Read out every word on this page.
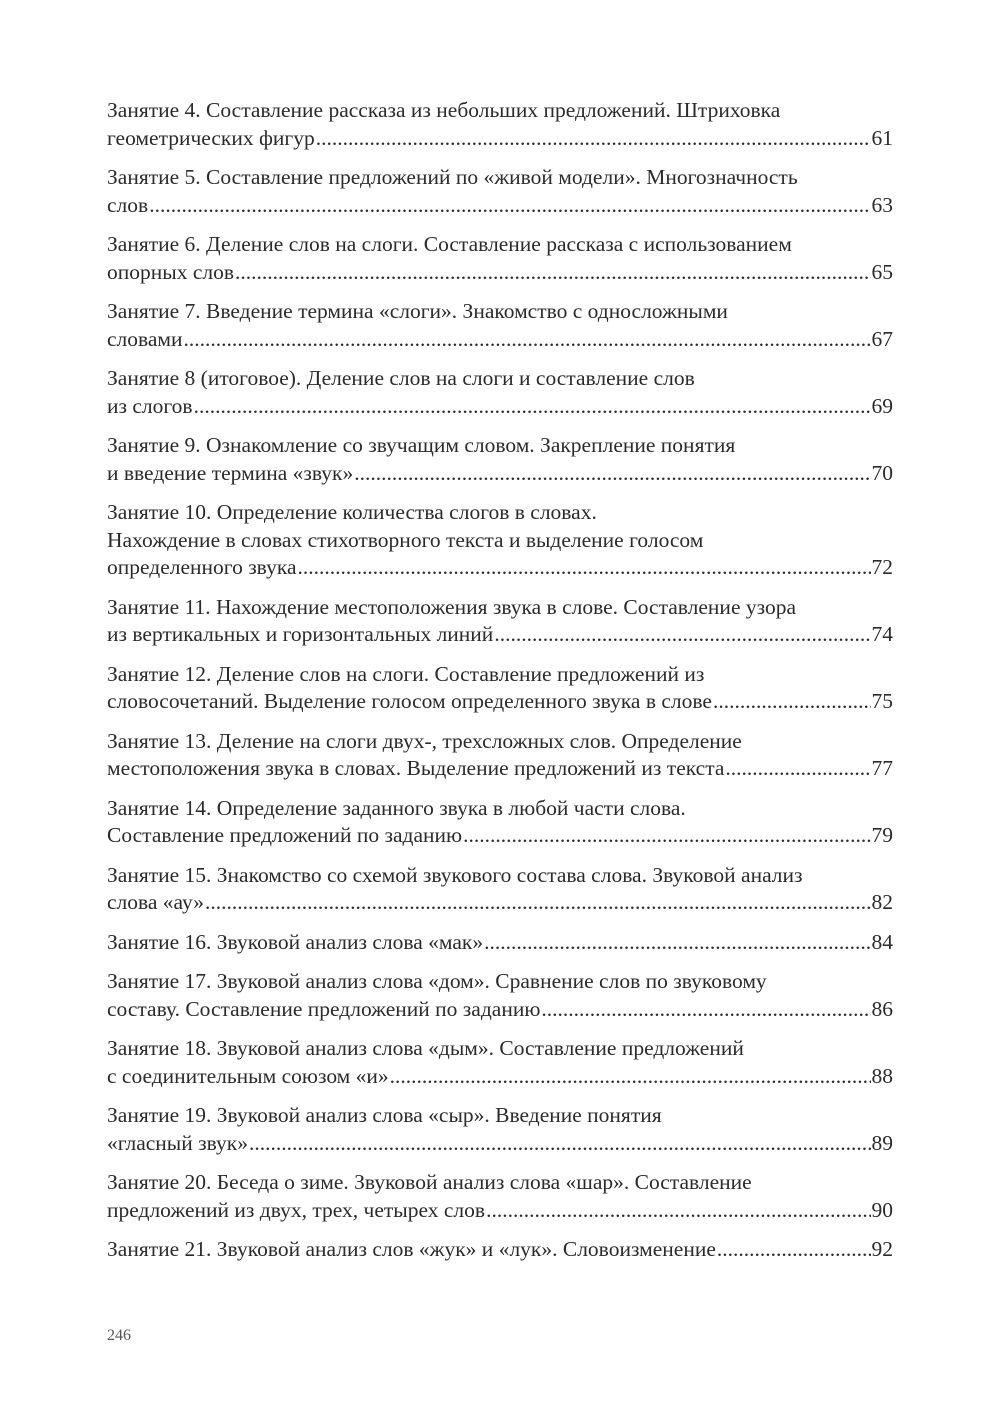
Занятие 4. Составление рассказа из небольших предложений. Штриховка
геометрических фигур .....	61
Занятие 5. Составление предложений по «живой модели». Многозначность
слов .....	63
Занятие 6. Деление слов на слоги. Составление рассказа с использованием
опорных слов .....	65
Занятие 7. Введение термина «слоги». Знакомство с односложными
словами .....	67
Занятие 8 (итоговое). Деление слов на слоги и составление слов
из слогов .....	69
Занятие 9. Ознакомление со звучащим словом. Закрепление понятия
и введение термина «звук» .....	70
Занятие 10. Определение количества слогов в словах.
Нахождение в словах стихотворного текста и выделение голосом
определенного звука .....	72
Занятие 11. Нахождение местоположения звука в слове. Составление узора
из вертикальных и горизонтальных линий .....	74
Занятие 12. Деление слов на слоги. Составление предложений из
словосочетаний. Выделение голосом определенного звука в слове .....	75
Занятие 13. Деление на слоги двух-, трехсложных слов. Определение
местоположения звука в словах. Выделение предложений из текста .....	77
Занятие 14. Определение заданного звука в любой части слова.
Составление предложений по заданию .....	79
Занятие 15. Знакомство со схемой звукового состава слова. Звуковой анализ
слова «ау» .....	82
Занятие 16. Звуковой анализ слова «мак» .....	84
Занятие 17. Звуковой анализ слова «дом». Сравнение слов по звуковому
составу. Составление предложений по заданию .....	86
Занятие 18. Звуковой анализ слова «дым». Составление предложений
с соединительным союзом «и» .....	88
Занятие 19. Звуковой анализ слова «сыр». Введение понятия
«гласный звук» .....	89
Занятие 20. Беседа о зиме. Звуковой анализ слова «шар». Составление
предложений из двух, трех, четырех слов .....	90
Занятие 21. Звуковой анализ слов «жук» и «лук». Словоизменение .....	92
246
